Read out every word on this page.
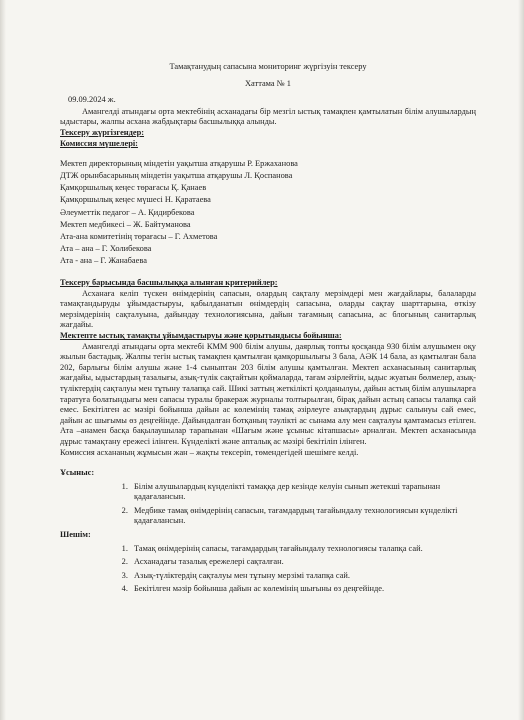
Тамақтанудың сапасына мониторинг жүргізуін тексеру

Хаттама № 1

09.09.2024 ж.

Амангелді атындағы орта мектебінің асханадағы бір мезгіл ыстық тамақпен қамтылатын білім алушылардың ыдыстары, жалпы асхана жабдықтары басшылыққа алынды.

Тексеру жүргізгендер:

Комиссия мүшелері:

Мектеп директорының міндетін уақытша атқарушы Р. Ержаханова
ДТЖ орынбасарының міндетін уақытша атқарушы Л. Қоспанова
Қамқоршылық кеңес төрағасы Қ. Қанаев
Қамқоршылық кеңес мүшесі Н. Қаратаева
Әлеуметтік педагог – А. Қидирбекова
Мектеп медбикесі – Ж. Байтуманова
Ата-ана комитетінің төрағасы – Г. Ахметова
Ата – ана – Г. Холибекова
Ата - ана – Г. Жанабаева

Тексеру барысында басшылыққа алынған критерийлер:

Асханаға келіп түскен өнімдерінің сапасын, олардың сақталу мерзімдері мен жағдайлары, балаларды тамақтандыруды ұйымдастыруы, қабылданатын өнімдердің сапасына, оларды сақтау шарттарына, өткізу мерзімдерінің сақталуына, дайындау технологиясына, дайын тағамның сапасына, ас блогының санитарлық жағдайы.

Мектепте ыстық тамақты ұйымдастыруы және қорытындысы бойынша:

Амангелді атындағы орта мектебі КММ 900 білім алушы, даярлық топты қосқанда 930 білім алушымен оқу жылын бастадық. Жалпы тегін ыстық тамақпен қамтылған қамқоршылығы 3 бала, АӘК 14 бала, аз қамтылған бала 202, барлығы білім алушы және 1-4 сыныптан 203 білім алушы қамтылған. Мектеп асханасының санитарлық жағдайы, ыдыстардың тазалығы, азық-түлік сақтайтын қоймаларда, тағам әзірлейтін, ыдыс жуатын бөлмелер, азық-түліктердің сақталуы мен тұтыну талапқа сай. Шикі заттың жеткілікті қолданылуы, дайын астың білім алушыларға таратуға болатындығы мен сапасы туралы бракераж журналы толтырылған, бірақ дайын астың сапасы талапқа сай емес. Бекітілген ас мәзірі бойынша дайын ас көлемінің тамақ әзірлеуге азықтардың дұрыс салынуы сай емес, дайын ас шығымы өз деңгейінде. Дайындалған ботқаның тәулікті ас сынама алу мен сақталуы қамтамасыз етілген. Ата –анамен басқа бақылаушылар тарапынан «Шағым және ұсыныс кітапшасы» арналған. Мектеп асханасында дұрыс тамақтану ережесі ілінген. Күнделікті және апталық ас мәзірі бекітіліп ілінген.

Комиссия асхананың жұмысын жан – жақты тексеріп, төмендегідей шешімге келді.

Ұсыныс:

1. Білім алушылардың күнделікті тамаққа дер кезінде келуін сынып жетекші тарапынан қадағалансын.
2. Медбике тамақ өнімдерінің сапасын, тағамдардың тағайындалу технологиясын күнделікті қадағалансын.

Шешім:

1. Тамақ өнімдерінің сапасы, тағамдардың тағайындалу технологиясы талапқа сай.
2. Асханадағы тазалық ережелері сақталған.
3. Азық-түліктердің сақталуы мен тұтыну мерзімі талапқа сай.
4. Бекітілген мәзір бойынша дайын ас көлемінің шығыны өз деңгейінде.
